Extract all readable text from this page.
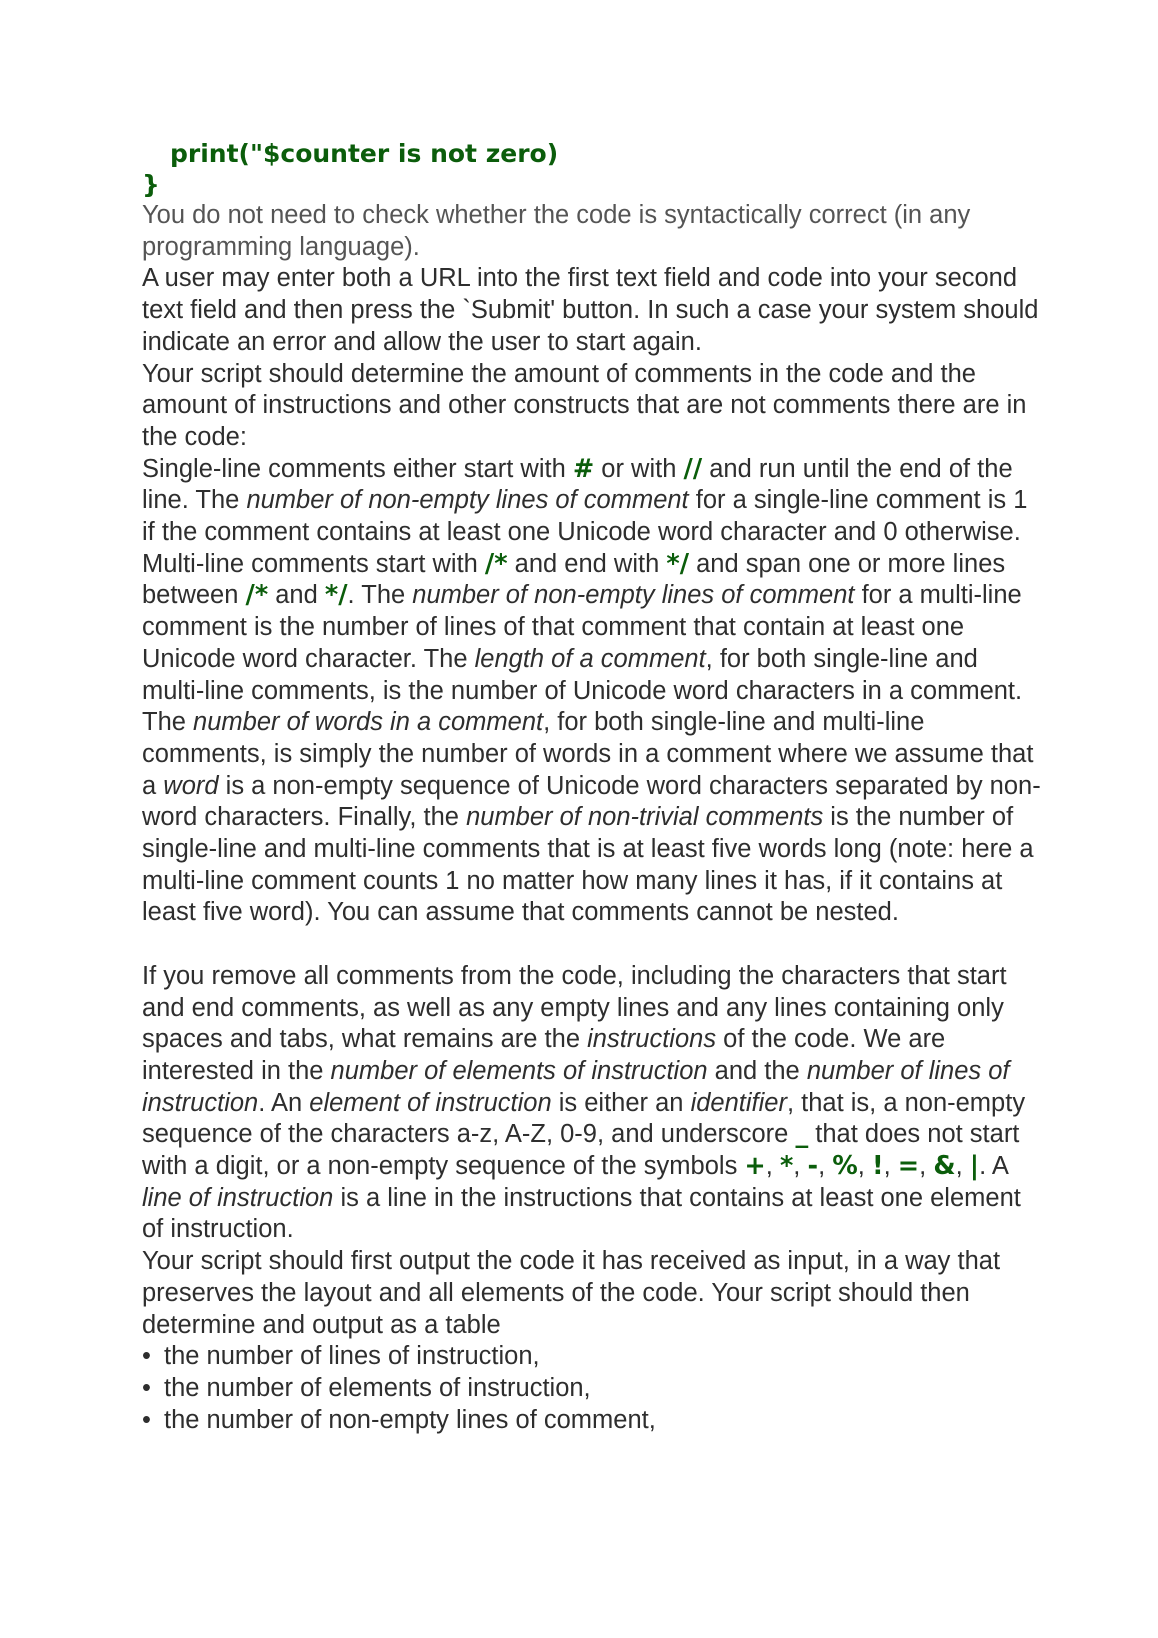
print("$counter is not zero)
}

You do not need to check whether the code is syntactically correct (in any programming language).

A user may enter both a URL into the first text field and code into your second text field and then press the `Submit' button. In such a case your system should indicate an error and allow the user to start again.

Your script should determine the amount of comments in the code and the amount of instructions and other constructs that are not comments there are in the code:

Single-line comments either start with # or with // and run until the end of the line. The number of non-empty lines of comment for a single-line comment is 1 if the comment contains at least one Unicode word character and 0 otherwise. Multi-line comments start with /* and end with */ and span one or more lines between /* and */. The number of non-empty lines of comment for a multi-line comment is the number of lines of that comment that contain at least one Unicode word character. The length of a comment, for both single-line and multi-line comments, is the number of Unicode word characters in a comment. The number of words in a comment, for both single-line and multi-line comments, is simply the number of words in a comment where we assume that a word is a non-empty sequence of Unicode word characters separated by non-word characters. Finally, the number of non-trivial comments is the number of single-line and multi-line comments that is at least five words long (note: here a multi-line comment counts 1 no matter how many lines it has, if it contains at least five word). You can assume that comments cannot be nested.

If you remove all comments from the code, including the characters that start and end comments, as well as any empty lines and any lines containing only spaces and tabs, what remains are the instructions of the code. We are interested in the number of elements of instruction and the number of lines of instruction. An element of instruction is either an identifier, that is, a non-empty sequence of the characters a-z, A-Z, 0-9, and underscore _ that does not start with a digit, or a non-empty sequence of the symbols +, *, -, %, !, =, &, |. A line of instruction is a line in the instructions that contains at least one element of instruction.

Your script should first output the code it has received as input, in a way that preserves the layout and all elements of the code. Your script should then determine and output as a table

• the number of lines of instruction,
• the number of elements of instruction,
• the number of non-empty lines of comment,
